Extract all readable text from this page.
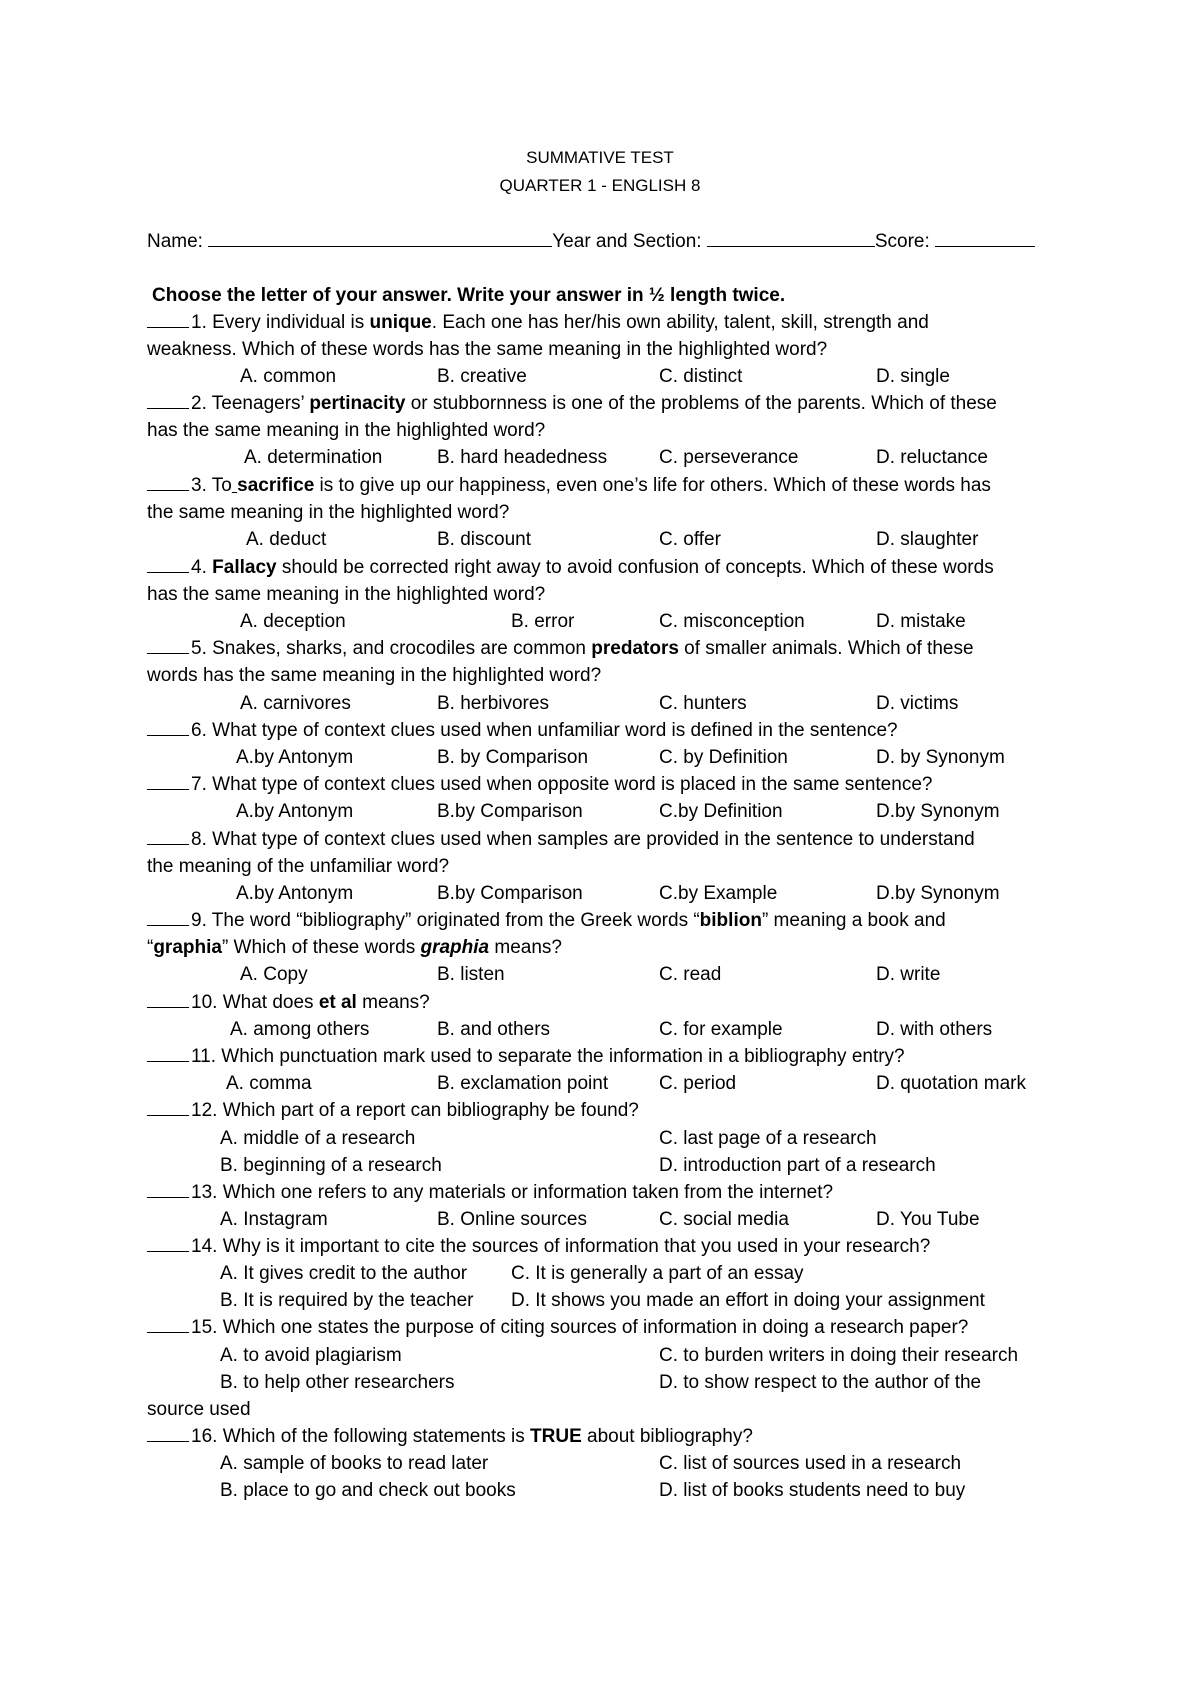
SUMMATIVE TEST
QUARTER 1 - ENGLISH 8
Name:	Year and Section:	Score:
Choose the letter of your answer. Write your answer in ½ length twice.
1. Every individual is unique. Each one has her/his own ability, talent, skill, strength and
weakness. Which of these words has the same meaning in the highlighted word?
A. common	B. creative	C. distinct	D. single
2. Teenagers’ pertinacity or stubbornness is one of the problems of the parents. Which of these
has the same meaning in the highlighted word?
A. determination	B. hard headedness	C. perseverance	D. reluctance
3. To sacrifice is to give up our happiness, even one’s life for others. Which of these words has
the same meaning in the highlighted word?
A. deduct	B. discount	C. offer	D. slaughter
4. Fallacy should be corrected right away to avoid confusion of concepts. Which of these words
has the same meaning in the highlighted word?
A. deception	B. error	C. misconception	D. mistake
5. Snakes, sharks, and crocodiles are common predators of smaller animals. Which of these
words has the same meaning in the highlighted word?
A. carnivores	B. herbivores	C. hunters	D. victims
6. What type of context clues used when unfamiliar word is defined in the sentence?
A.by Antonym	B. by Comparison	C. by Definition	D. by Synonym
7. What type of context clues used when opposite word is placed in the same sentence?
A.by Antonym	B.by Comparison	C.by Definition	D.by Synonym
8. What type of context clues used when samples are provided in the sentence to understand
the meaning of the unfamiliar word?
A.by Antonym	B.by Comparison	C.by Example	D.by Synonym
9. The word “bibliography” originated from the Greek words “biblion” meaning a book and
“graphia” Which of these words graphia means?
A. Copy	B. listen	C. read	D. write
10. What does et al means?
A. among others	B. and others	C. for example	D. with others
11. Which punctuation mark used to separate the information in a bibliography entry?
A. comma	B. exclamation point	C. period	D. quotation mark
12. Which part of a report can bibliography be found?
A. middle of a research	C. last page of a research
B. beginning of a research	D. introduction part of a research
13. Which one refers to any materials or information taken from the internet?
A. Instagram	B. Online sources	C. social media	D. You Tube
14. Why is it important to cite the sources of information that you used in your research?
A. It gives credit to the author C. It is generally a part of an essay
B. It is required by the teacher D. It shows you made an effort in doing your assignment
15. Which one states the purpose of citing sources of information in doing a research paper?
A. to avoid plagiarism	C. to burden writers in doing their research
B. to help other researchers	D. to show respect to the author of the
source used
16. Which of the following statements is TRUE about bibliography?
A. sample of books to read later	C. list of sources used in a research
B. place to go and check out books	D. list of books students need to buy
